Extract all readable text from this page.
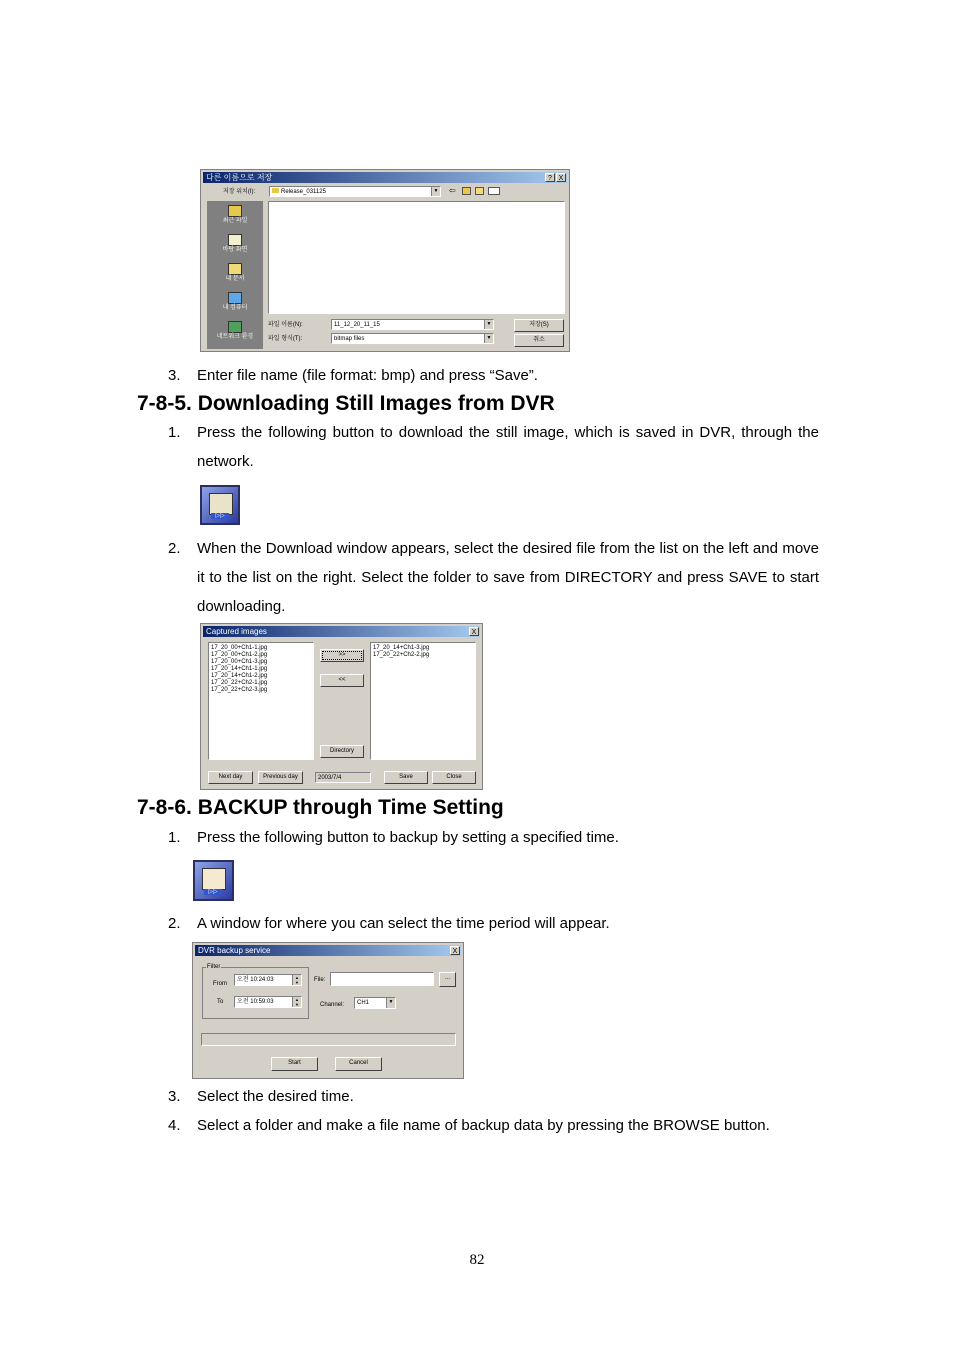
다른 이름으로 저장	? X
저장 위치(I):	Release_031125	▼ ⇦
최근 파일
바탕 화면
내 문서
내 컴퓨터
네트워크 환경
파일 이름(N):	11_12_20_11_15	▼
파일 형식(T):	bitmap files	▼
저장(S)
취소
3. Enter file name (file format: bmp) and press “Save”.
7-8-5. Downloading Still Images from DVR
1. Press the following button to download the still image, which is saved in DVR, through the network.
▷▷
2. When the Download window appears, select the desired file from the list on the left and move it to the list on the right. Select the folder to save from DIRECTORY and press SAVE to start downloading.
Captured images	X
17_20_00+Ch1-1.jpg
17_20_00+Ch1-2.jpg
17_20_00+Ch1-3.jpg
17_20_14+Ch1-1.jpg
17_20_14+Ch1-2.jpg
17_20_22+Ch2-1.jpg
17_20_22+Ch2-3.jpg
>>
<<
Directory
17_20_14+Ch1-3.jpg
17_20_22+Ch2-2.jpg
Next day	Previous day	2003/7/4	Save	Close
7-8-6. BACKUP through Time Setting
1. Press the following button to backup by setting a specified time.
▷▷
2. A window for where you can select the time period will appear.
DVR backup service	X
Filter
From
오전 10:24:03	▲
▼
To	오전 10:59:03	▲
▼
File:	...
Channel:	CH1	▼
Start	Cancel
3. Select the desired time.
4. Select a folder and make a file name of backup data by pressing the BROWSE button.
82
